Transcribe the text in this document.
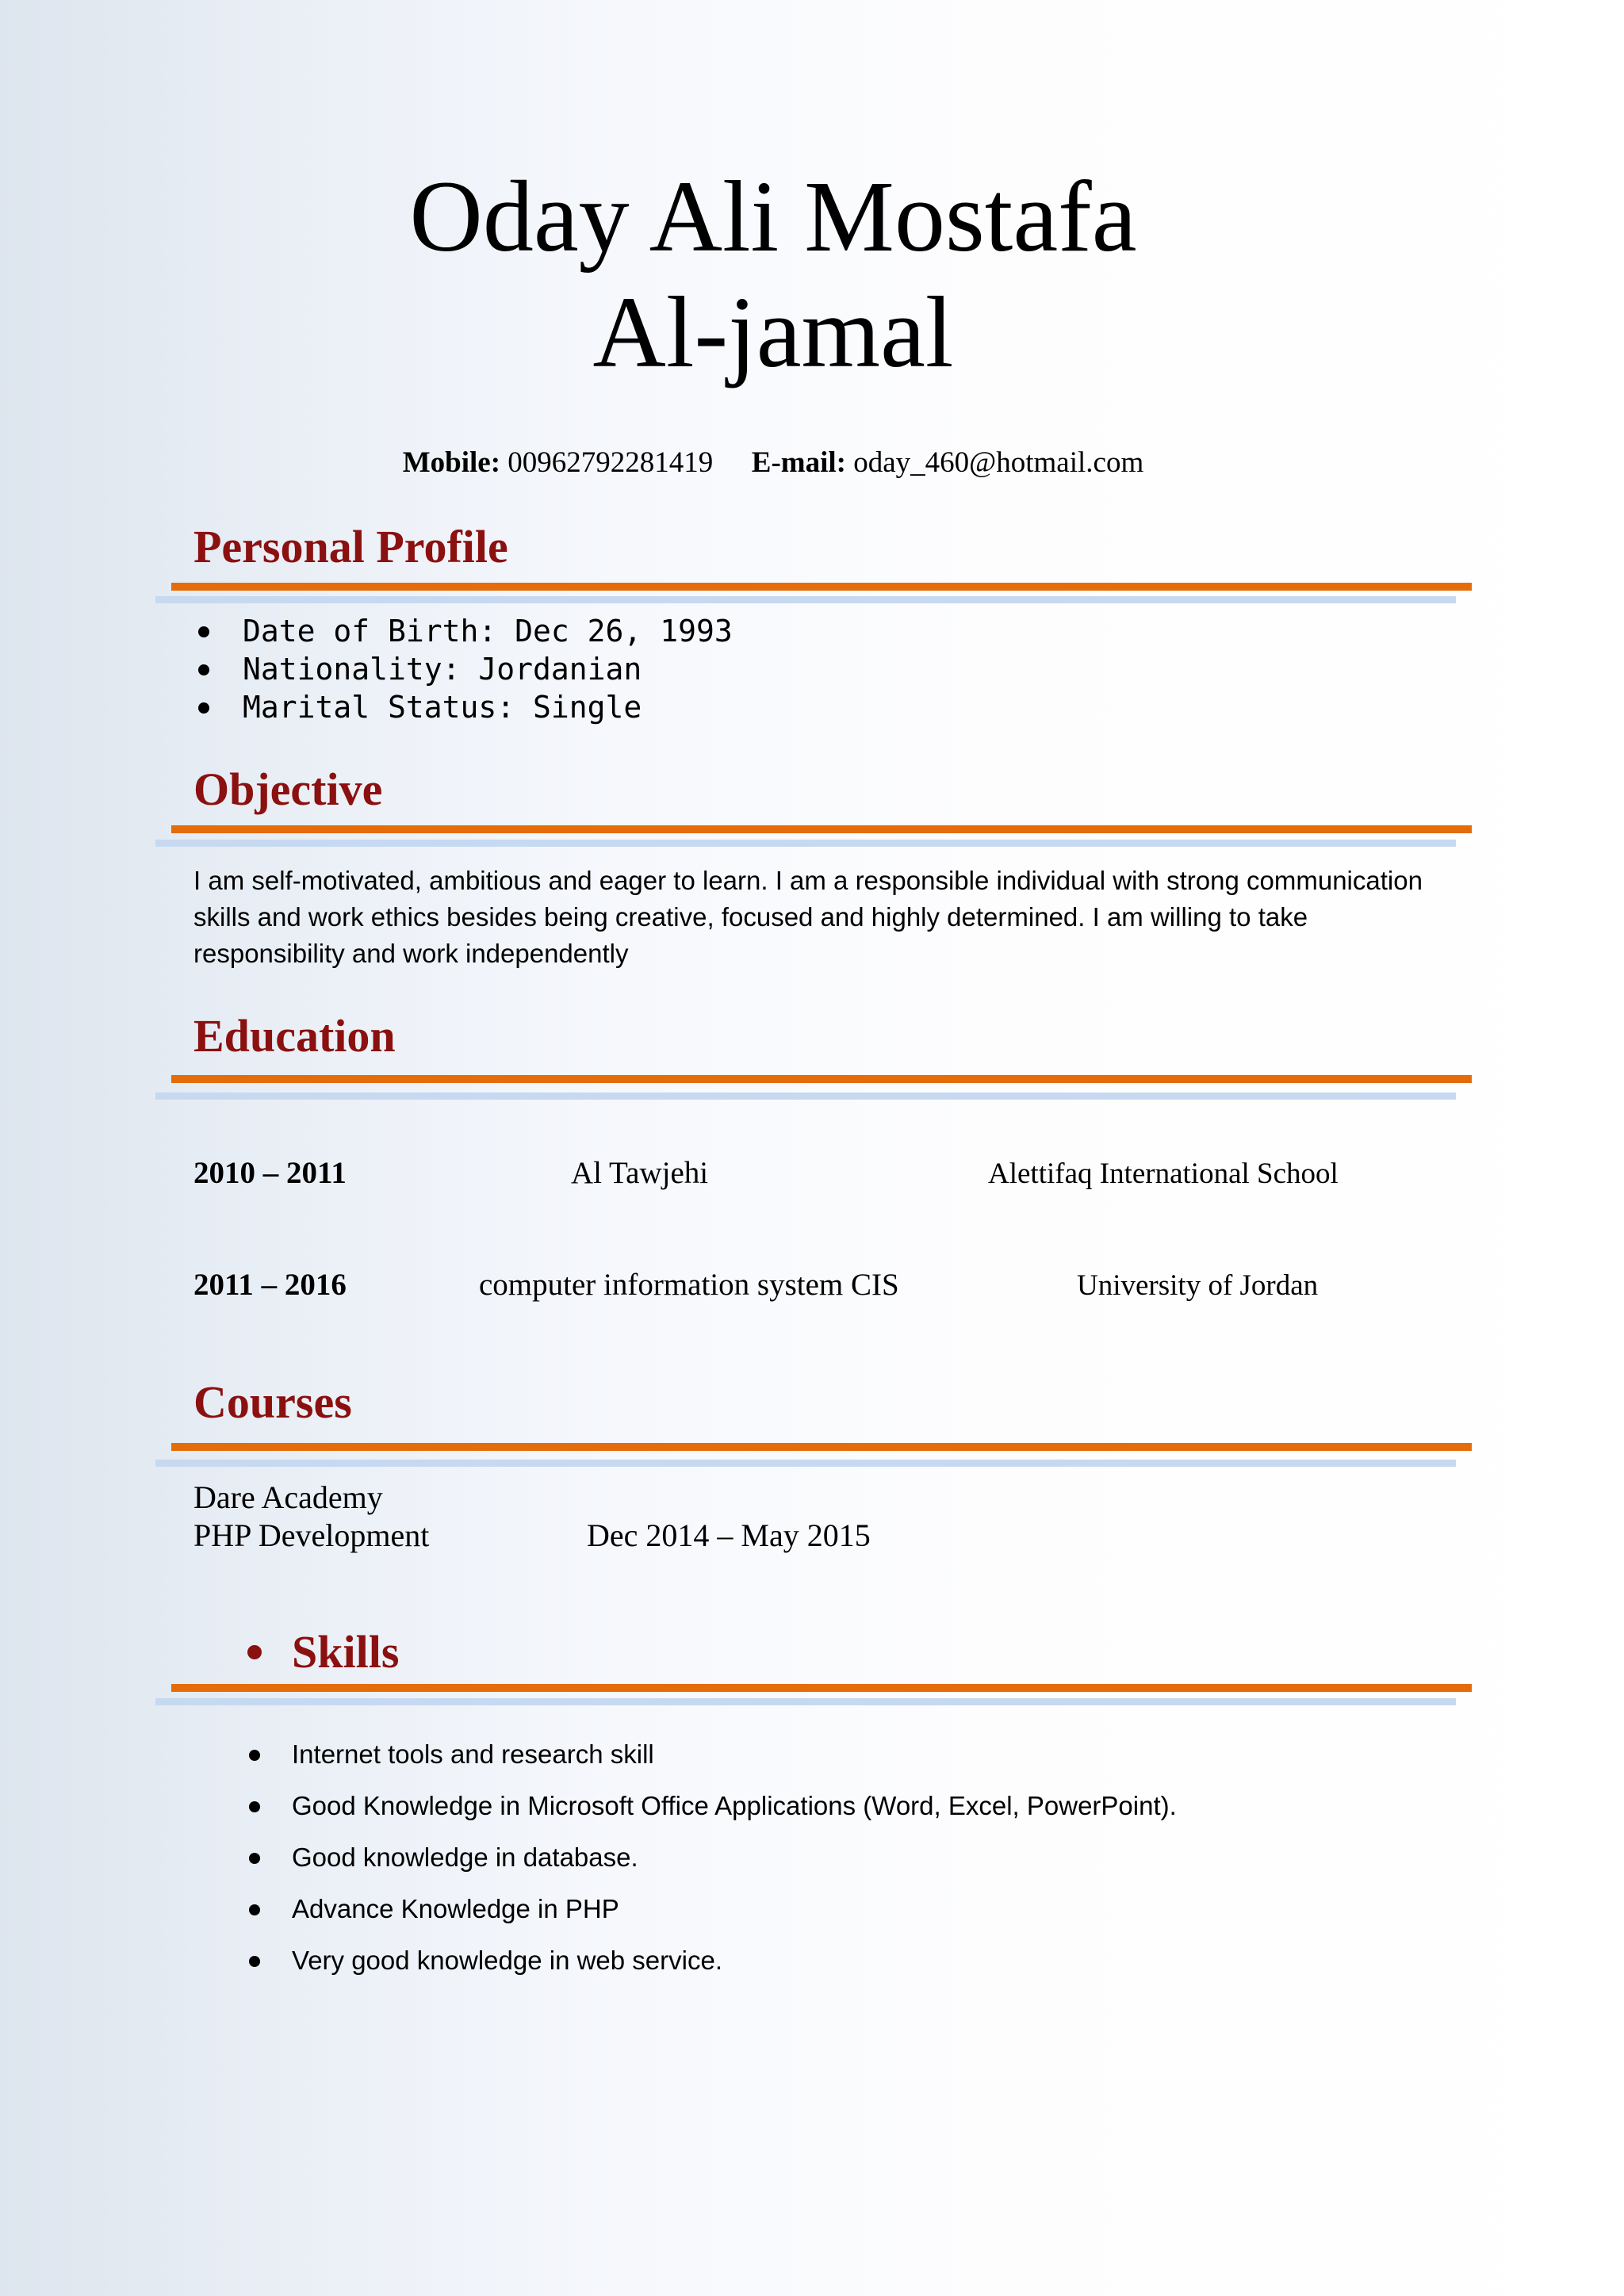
Oday Ali Mostafa
Al-jamal
Mobile: 00962792281419 E-mail: oday_460@hotmail.com
Personal Profile
Date of Birth: Dec 26, 1993
Nationality: Jordanian
Marital Status: Single
Objective
I am self-motivated, ambitious and eager to learn. I am a responsible individual with strong communication skills and work ethics besides being creative, focused and highly determined. I am willing to take responsibility and work independently
Education
2010 – 2011	Al Tawjehi	Alettifaq International School
2011 – 2016	computer information system CIS	University of Jordan
Courses
Dare Academy
PHP Development	Dec 2014 – May 2015
Skills
Internet tools and research skill
Good Knowledge in Microsoft Office Applications (Word, Excel, PowerPoint).
Good knowledge in database.
Advance Knowledge in PHP
Very good knowledge in web service.
